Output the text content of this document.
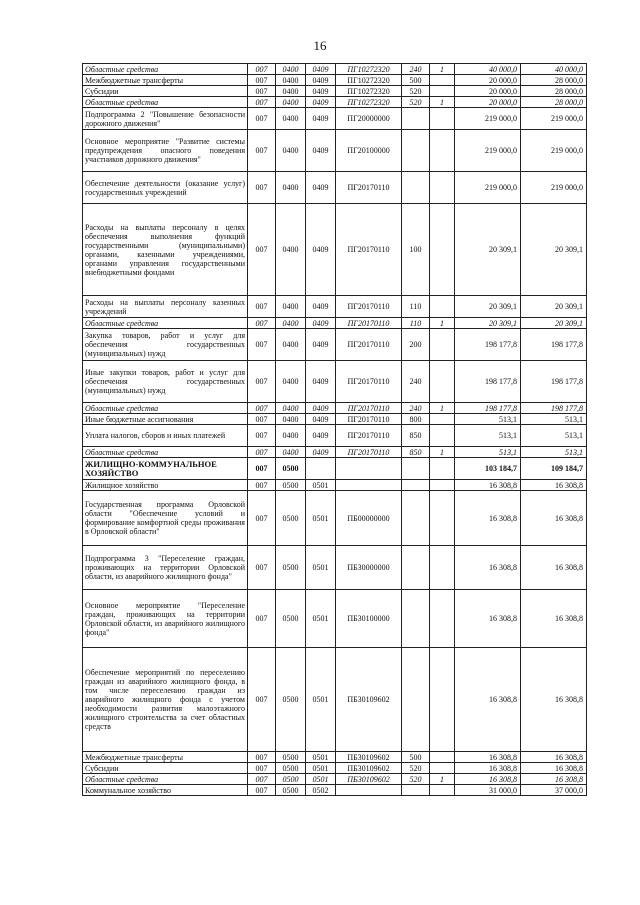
16
Областные средства	007	0400	0409	ПГ10272320	240	1	40 000,0	40 000,0
Межбюджетные трансферты	007	0400	0409	ПГ10272320	500		20 000,0	28 000,0
Субсидии	007	0400	0409	ПГ10272320	520		20 000,0	28 000,0
Областные средства	007	0400	0409	ПГ10272320	520	1	20 000,0	28 000,0
Подпрограмма 2 "Повышение безопасности дорожного движения"	007	0400	0409	ПГ20000000			219 000,0	219 000,0
Основное мероприятие "Развитие системы предупреждения опасного поведения участников дорожного движения"	007	0400	0409	ПГ20100000			219 000,0	219 000,0
Обеспечение деятельности (оказание услуг) государственных учреждений	007	0400	0409	ПГ20170110			219 000,0	219 000,0
Расходы на выплаты персоналу в целях обеспечения выполнения функций государственными (муниципальными) органами, казенными учреждениями, органами управления государственными внебюджетными фондами	007	0400	0409	ПГ20170110	100		20 309,1	20 309,1
Расходы на выплаты персоналу казенных учреждений	007	0400	0409	ПГ20170110	110		20 309,1	20 309,1
Областные средства	007	0400	0409	ПГ20170110	110	1	20 309,1	20 309,1
Закупка товаров, работ и услуг для обеспечения государственных (муниципальных) нужд	007	0400	0409	ПГ20170110	200		198 177,8	198 177,8
Иные закупки товаров, работ и услуг для обеспечения государственных (муниципальных) нужд	007	0400	0409	ПГ20170110	240		198 177,8	198 177,8
Областные средства	007	0400	0409	ПГ20170110	240	1	198 177,8	198 177,8
Иные бюджетные ассигнования	007	0400	0409	ПГ20170110	800		513,1	513,1
Уплата налогов, сборов и иных платежей	007	0400	0409	ПГ20170110	850		513,1	513,1
Областные средства	007	0400	0409	ПГ20170110	850	1	513,1	513,1
ЖИЛИЩНО-КОММУНАЛЬНОЕ ХОЗЯЙСТВО	007	0500					103 184,7	109 184,7
Жилищное хозяйство	007	0500	0501				16 308,8	16 308,8
Государственная программа Орловской области "Обеспечение условий и формирование комфортной среды проживания в Орловской области"	007	0500	0501	ПБ00000000			16 308,8	16 308,8
Подпрограмма 3 "Переселение граждан, проживающих на территории Орловской области, из аварийного жилищного фонда"	007	0500	0501	ПБ30000000			16 308,8	16 308,8
Основное мероприятие "Переселение граждан, проживающих на территории Орловской области, из аварийного жилищного фонда"	007	0500	0501	ПБ30100000			16 308,8	16 308,8
Обеспечение мероприятий по переселению граждан из аварийного жилищного фонда, в том числе переселению граждан из аварийного жилищного фонда с учетом необходимости развития малоэтажного жилищного строительства за счет областных средств	007	0500	0501	ПБ30109602			16 308,8	16 308,8
Межбюджетные трансферты	007	0500	0501	ПБ30109602	500		16 308,8	16 308,8
Субсидии	007	0500	0501	ПБ30109602	520		16 308,8	16 308,8
Областные средства	007	0500	0501	ПБ30109602	520	1	16 308,8	16 308,8
Коммунальное хозяйство	007	0500	0502				31 000,0	37 000,0
